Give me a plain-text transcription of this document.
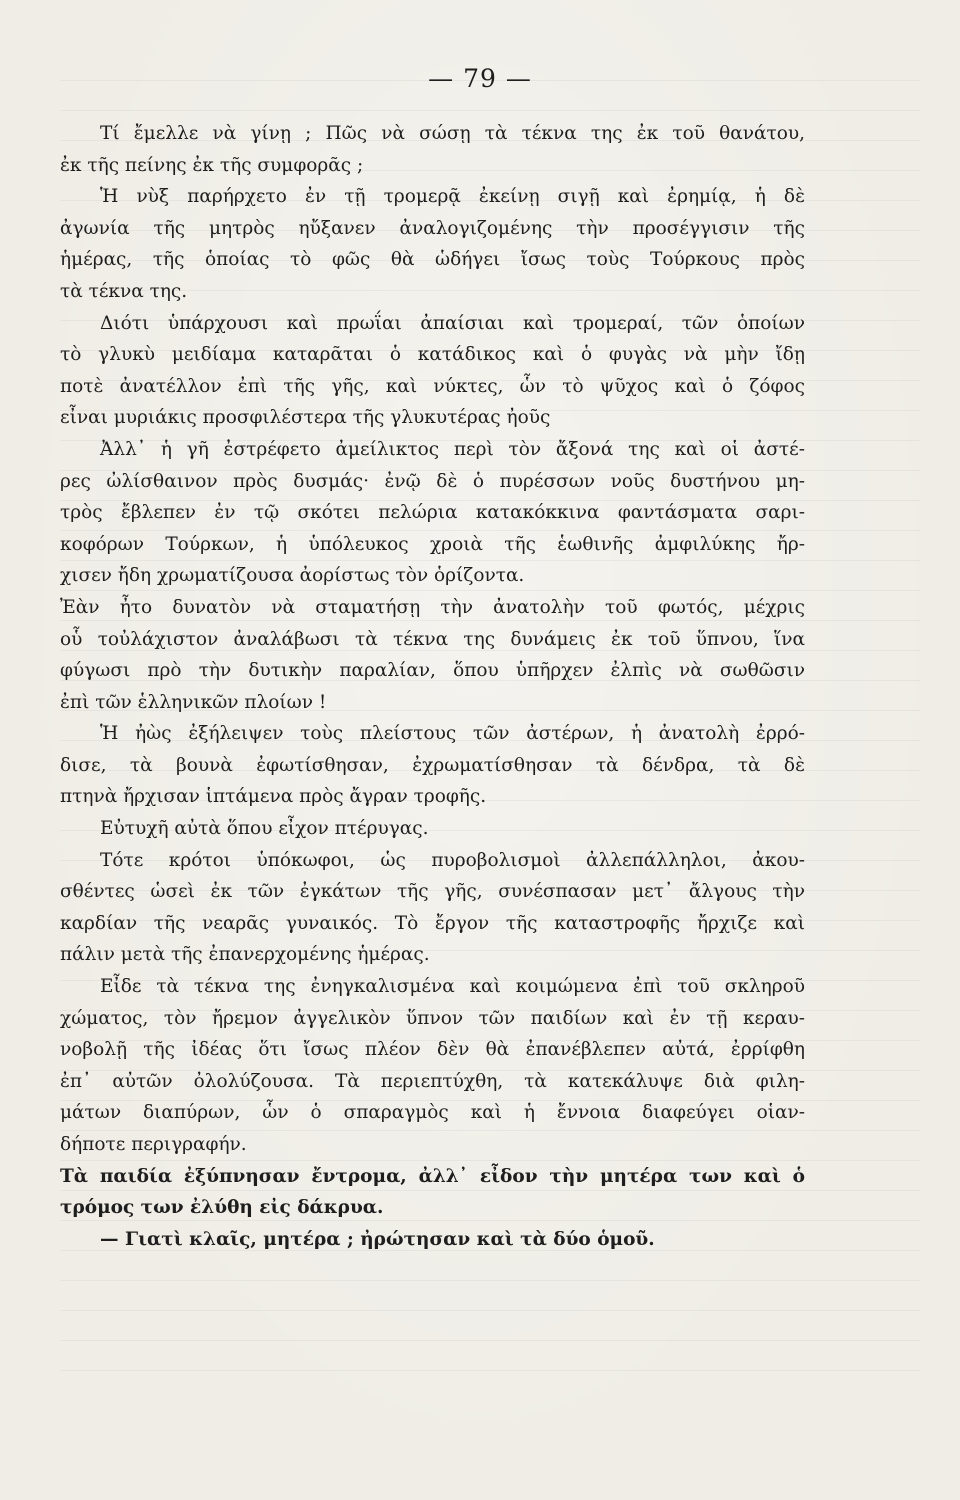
— 79 —
Τί ἔμελλε νὰ γίνῃ ; Πῶς νὰ σώσῃ τὰ τέκνα της ἐκ τοῦ θανάτου,
ἐκ τῆς πείνης ἐκ τῆς συμφορᾶς ;
Ἡ νὺξ παρήρχετο ἐν τῇ τρομερᾷ ἐκείνῃ σιγῇ καὶ ἐρημίᾳ, ἡ δὲ
ἀγωνία τῆς μητρὸς ηὔξανεν ἀναλογιζομένης τὴν προσέγγισιν τῆς
ἡμέρας, τῆς ὁποίας τὸ φῶς θὰ ὡδήγει ἴσως τοὺς Τούρκους πρὸς
τὰ τέκνα της.
Διότι ὑπάρχουσι καὶ πρωΐαι ἀπαίσιαι καὶ τρομεραί, τῶν ὁποίων
τὸ γλυκὺ μειδίαμα καταρᾶται ὁ κατάδικος καὶ ὁ φυγὰς νὰ μὴν ἴδῃ
ποτὲ ἀνατέλλον ἐπὶ τῆς γῆς, καὶ νύκτες, ὧν τὸ ψῦχος καὶ ὁ ζόφος
εἶναι μυριάκις προσφιλέστερα τῆς γλυκυτέρας ἠοῦς
Ἀλλ᾽ ἡ γῆ ἐστρέφετο ἀμείλικτος περὶ τὸν ἄξονά της καὶ οἱ ἀστέ-
ρες ὠλίσθαινον πρὸς δυσμάς· ἐνῷ δὲ ὁ πυρέσσων νοῦς δυστήνου μη-
τρὸς ἔβλεπεν ἐν τῷ σκότει πελώρια κατακόκκινα φαντάσματα σαρι-
κοφόρων Τούρκων, ἡ ὑπόλευκος χροιὰ τῆς ἑωθινῆς ἀμφιλύκης ἤρ-
χισεν ἤδη χρωματίζουσα ἀορίστως τὸν ὁρίζοντα.
Ἐὰν ἦτο δυνατὸν νὰ σταματήσῃ τὴν ἀνατολὴν τοῦ φωτός, μέχρις
οὗ τοὐλάχιστον ἀναλάβωσι τὰ τέκνα της δυνάμεις ἐκ τοῦ ὕπνου, ἵνα
φύγωσι πρὸ τὴν δυτικὴν παραλίαν, ὅπου ὑπῆρχεν ἐλπὶς νὰ σωθῶσιν
ἐπὶ τῶν ἑλληνικῶν πλοίων !
Ἡ ἠὼς ἐξήλειψεν τοὺς πλείστους τῶν ἀστέρων, ἡ ἀνατολὴ ἐρρό-
δισε, τὰ βουνὰ ἐφωτίσθησαν, ἐχρωματίσθησαν τὰ δένδρα, τὰ δὲ
πτηνὰ ἤρχισαν ἱπτάμενα πρὸς ἄγραν τροφῆς.
Εὐτυχῆ αὐτὰ ὅπου εἶχον πτέρυγας.
Τότε κρότοι ὑπόκωφοι, ὡς πυροβολισμοὶ ἀλλεπάλληλοι, ἀκου-
σθέντες ὡσεὶ ἐκ τῶν ἐγκάτων τῆς γῆς, συνέσπασαν μετ᾽ ἄλγους τὴν
καρδίαν τῆς νεαρᾶς γυναικός. Τὸ ἔργον τῆς καταστροφῆς ἤρχιζε καὶ
πάλιν μετὰ τῆς ἐπανερχομένης ἡμέρας.
Εἶδε τὰ τέκνα της ἐνηγκαλισμένα καὶ κοιμώμενα ἐπὶ τοῦ σκληροῦ
χώματος, τὸν ἤρεμον ἀγγελικὸν ὕπνον τῶν παιδίων καὶ ἐν τῇ κεραυ-
νοβολῇ τῆς ἰδέας ὅτι ἴσως πλέον δὲν θὰ ἐπανέβλεπεν αὐτά, ἐρρίφθη
ἐπ᾽ αὐτῶν ὀλολύζουσα. Τὰ περιεπτύχθη, τὰ κατεκάλυψε διὰ φιλη-
μάτων διαπύρων, ὧν ὁ σπαραγμὸς καὶ ἡ ἔννοια διαφεύγει οἱαν-
δήποτε περιγραφήν.
Τὰ παιδία ἐξύπνησαν ἔντρομα, ἀλλ᾽ εἶδον τὴν μητέρα των καὶ ὁ
τρόμος των ἐλύθη εἰς δάκρυα.
— Γιατὶ κλαῖς, μητέρα ; ἠρώτησαν καὶ τὰ δύο ὁμοῦ.
